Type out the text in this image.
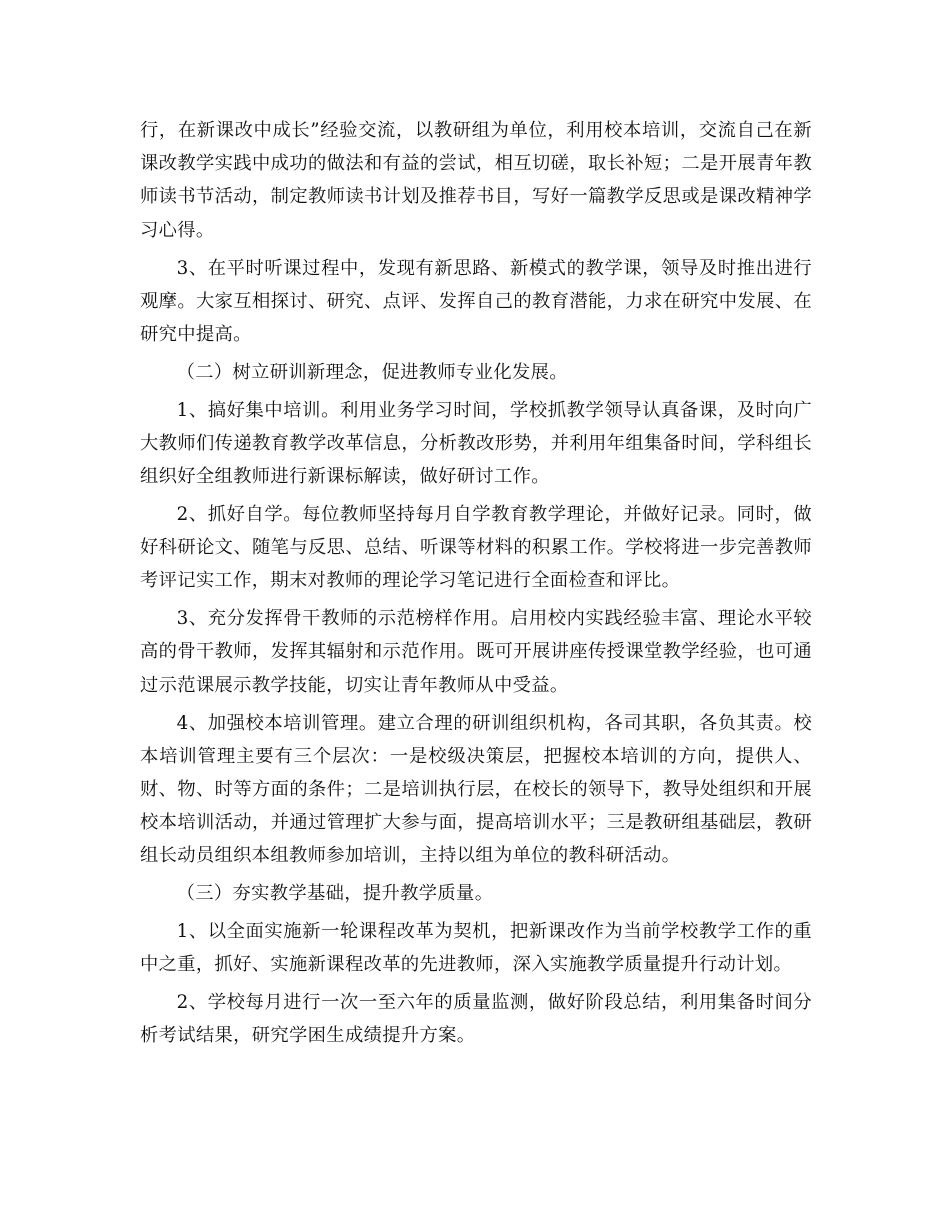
行，在新课改中成长”经验交流，以教研组为单位，利用校本培训，交流自己在新课改教学实践中成功的做法和有益的尝试，相互切磋，取长补短；二是开展青年教师读书节活动，制定教师读书计划及推荐书目，写好一篇教学反思或是课改精神学习心得。

3、在平时听课过程中，发现有新思路、新模式的教学课，领导及时推出进行观摩。大家互相探讨、研究、点评、发挥自己的教育潜能，力求在研究中发展、在研究中提高。

（二）树立研训新理念，促进教师专业化发展。

1、搞好集中培训。利用业务学习时间，学校抓教学领导认真备课，及时向广大教师们传递教育教学改革信息，分析教改形势，并利用年组集备时间，学科组长组织好全组教师进行新课标解读，做好研讨工作。

2、抓好自学。每位教师坚持每月自学教育教学理论，并做好记录。同时，做好科研论文、随笔与反思、总结、听课等材料的积累工作。学校将进一步完善教师考评记实工作，期末对教师的理论学习笔记进行全面检查和评比。

3、充分发挥骨干教师的示范榜样作用。启用校内实践经验丰富、理论水平较高的骨干教师，发挥其辐射和示范作用。既可开展讲座传授课堂教学经验，也可通过示范课展示教学技能，切实让青年教师从中受益。

4、加强校本培训管理。建立合理的研训组织机构，各司其职，各负其责。校本培训管理主要有三个层次：一是校级决策层，把握校本培训的方向，提供人、财、物、时等方面的条件；二是培训执行层，在校长的领导下，教导处组织和开展校本培训活动，并通过管理扩大参与面，提高培训水平；三是教研组基础层，教研组长动员组织本组教师参加培训，主持以组为单位的教科研活动。

（三）夯实教学基础，提升教学质量。

1、以全面实施新一轮课程改革为契机，把新课改作为当前学校教学工作的重中之重，抓好、实施新课程改革的先进教师，深入实施教学质量提升行动计划。

2、学校每月进行一次一至六年的质量监测，做好阶段总结，利用集备时间分析考试结果，研究学困生成绩提升方案。
